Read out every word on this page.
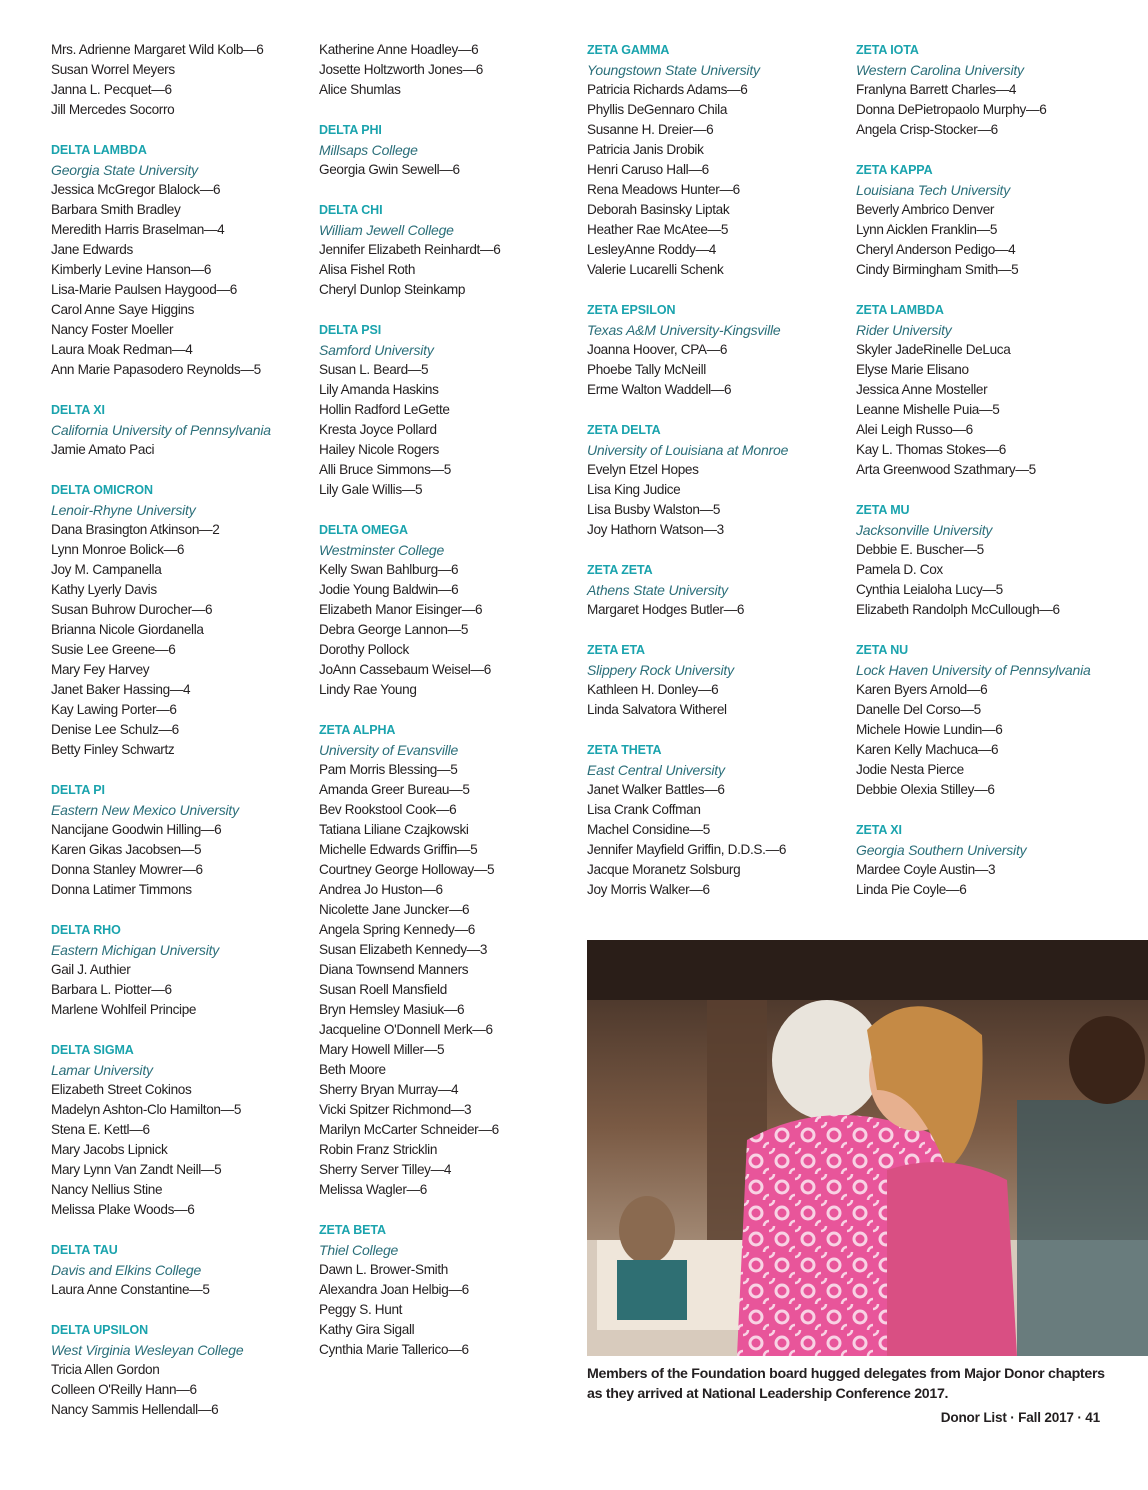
Mrs. Adrienne Margaret Wild Kolb—6
Susan Worrel Meyers
Janna L. Pecquet—6
Jill Mercedes Socorro
DELTA LAMBDA
Georgia State University
Jessica McGregor Blalock—6
Barbara Smith Bradley
Meredith Harris Braselman—4
Jane Edwards
Kimberly Levine Hanson—6
Lisa-Marie Paulsen Haygood—6
Carol Anne Saye Higgins
Nancy Foster Moeller
Laura Moak Redman—4
Ann Marie Papasodero Reynolds—5
DELTA XI
California University of Pennsylvania
Jamie Amato Paci
DELTA OMICRON
Lenoir-Rhyne University
Dana Brasington Atkinson—2
Lynn Monroe Bolick—6
Joy M. Campanella
Kathy Lyerly Davis
Susan Buhrow Durocher—6
Brianna Nicole Giordanella
Susie Lee Greene—6
Mary Fey Harvey
Janet Baker Hassing—4
Kay Lawing Porter—6
Denise Lee Schulz—6
Betty Finley Schwartz
DELTA PI
Eastern New Mexico University
Nancijane Goodwin Hilling—6
Karen Gikas Jacobsen—5
Donna Stanley Mowrer—6
Donna Latimer Timmons
DELTA RHO
Eastern Michigan University
Gail J. Authier
Barbara L. Piotter—6
Marlene Wohlfeil Principe
DELTA SIGMA
Lamar University
Elizabeth Street Cokinos
Madelyn Ashton-Clo Hamilton—5
Stena E. Kettl—6
Mary Jacobs Lipnick
Mary Lynn Van Zandt Neill—5
Nancy Nellius Stine
Melissa Plake Woods—6
DELTA TAU
Davis and Elkins College
Laura Anne Constantine—5
DELTA UPSILON
West Virginia Wesleyan College
Tricia Allen Gordon
Colleen O'Reilly Hann—6
Nancy Sammis Hellendall—6
Katherine Anne Hoadley—6
Josette Holtzworth Jones—6
Alice Shumlas
DELTA PHI
Millsaps College
Georgia Gwin Sewell—6
DELTA CHI
William Jewell College
Jennifer Elizabeth Reinhardt—6
Alisa Fishel Roth
Cheryl Dunlop Steinkamp
DELTA PSI
Samford University
Susan L. Beard—5
Lily Amanda Haskins
Hollin Radford LeGette
Kresta Joyce Pollard
Hailey Nicole Rogers
Alli Bruce Simmons—5
Lily Gale Willis—5
DELTA OMEGA
Westminster College
Kelly Swan Bahlburg—6
Jodie Young Baldwin—6
Elizabeth Manor Eisinger—6
Debra George Lannon—5
Dorothy Pollock
JoAnn Cassebaum Weisel—6
Lindy Rae Young
ZETA ALPHA
University of Evansville
Pam Morris Blessing—5
Amanda Greer Bureau—5
Bev Rookstool Cook—6
Tatiana Liliane Czajkowski
Michelle Edwards Griffin—5
Courtney George Holloway—5
Andrea Jo Huston—6
Nicolette Jane Juncker—6
Angela Spring Kennedy—6
Susan Elizabeth Kennedy—3
Diana Townsend Manners
Susan Roell Mansfield
Bryn Hemsley Masiuk—6
Jacqueline O'Donnell Merk—6
Mary Howell Miller—5
Beth Moore
Sherry Bryan Murray—4
Vicki Spitzer Richmond—3
Marilyn McCarter Schneider—6
Robin Franz Stricklin
Sherry Server Tilley—4
Melissa Wagler—6
ZETA BETA
Thiel College
Dawn L. Brower-Smith
Alexandra Joan Helbig—6
Peggy S. Hunt
Kathy Gira Sigall
Cynthia Marie Tallerico—6
ZETA GAMMA
Youngstown State University
Patricia Richards Adams—6
Phyllis DeGennaro Chila
Susanne H. Dreier—6
Patricia Janis Drobik
Henri Caruso Hall—6
Rena Meadows Hunter—6
Deborah Basinsky Liptak
Heather Rae McAtee—5
LesleyAnne Roddy—4
Valerie Lucarelli Schenk
ZETA EPSILON
Texas A&M University-Kingsville
Joanna Hoover, CPA—6
Phoebe Tally McNeill
Erme Walton Waddell—6
ZETA DELTA
University of Louisiana at Monroe
Evelyn Etzel Hopes
Lisa King Judice
Lisa Busby Walston—5
Joy Hathorn Watson—3
ZETA ZETA
Athens State University
Margaret Hodges Butler—6
ZETA ETA
Slippery Rock University
Kathleen H. Donley—6
Linda Salvatora Witherel
ZETA THETA
East Central University
Janet Walker Battles—6
Lisa Crank Coffman
Machel Considine—5
Jennifer Mayfield Griffin, D.D.S.—6
Jacque Moranetz Solsburg
Joy Morris Walker—6
ZETA IOTA
Western Carolina University
Franlyna Barrett Charles—4
Donna DePietropaolo Murphy—6
Angela Crisp-Stocker—6
ZETA KAPPA
Louisiana Tech University
Beverly Ambrico Denver
Lynn Aicklen Franklin—5
Cheryl Anderson Pedigo—4
Cindy Birmingham Smith—5
ZETA LAMBDA
Rider University
Skyler JadeRinelle DeLuca
Elyse Marie Elisano
Jessica Anne Mosteller
Leanne Mishelle Puia—5
Alei Leigh Russo—6
Kay L. Thomas Stokes—6
Arta Greenwood Szathmary—5
ZETA MU
Jacksonville University
Debbie E. Buscher—5
Pamela D. Cox
Cynthia Leialoha Lucy—5
Elizabeth Randolph McCullough—6
ZETA NU
Lock Haven University of Pennsylvania
Karen Byers Arnold—6
Danelle Del Corso—5
Michele Howie Lundin—6
Karen Kelly Machuca—6
Jodie Nesta Pierce
Debbie Olexia Stilley—6
ZETA XI
Georgia Southern University
Mardee Coyle Austin—3
Linda Pie Coyle—6
Members of the Foundation board hugged delegates from Major Donor chapters as they arrived at National Leadership Conference 2017.
Donor List · Fall 2017 · 41
